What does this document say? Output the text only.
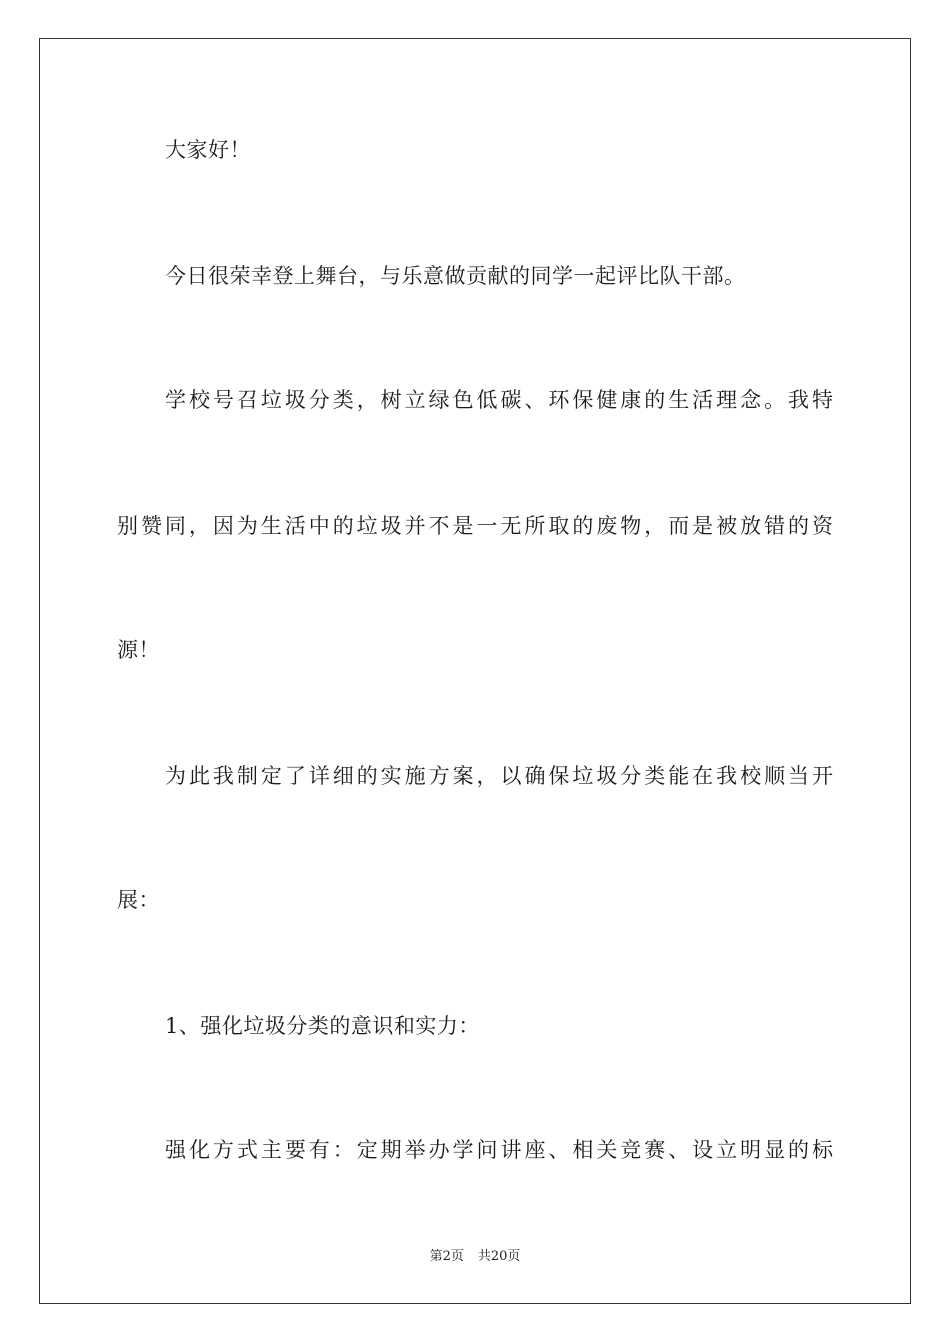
大家好！
今日很荣幸登上舞台，与乐意做贡献的同学一起评比队干部。
学校号召垃圾分类，树立绿色低碳、环保健康的生活理念。我特
别赞同，因为生活中的垃圾并不是一无所取的废物，而是被放错的资
源！
为此我制定了详细的实施方案，以确保垃圾分类能在我校顺当开
展：
1、强化垃圾分类的意识和实力：
强化方式主要有：定期举办学问讲座、相关竞赛、设立明显的标
第2页 共20页
